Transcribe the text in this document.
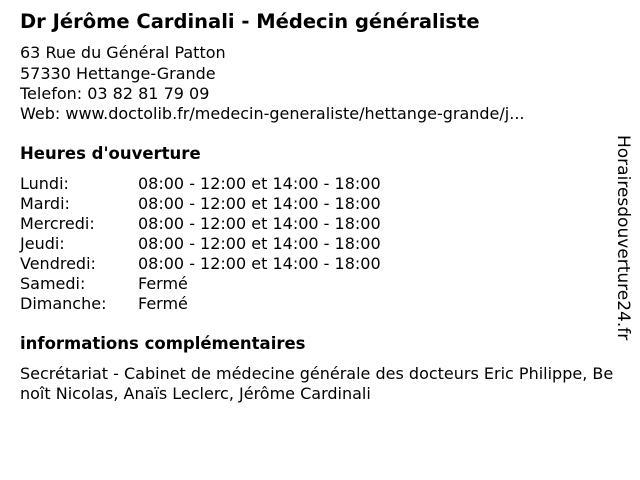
Dr Jérôme Cardinali - Médecin généraliste
63 Rue du Général Patton
57330 Hettange-Grande
Telefon: 03 82 81 79 09
Web: www.doctolib.fr/medecin-generaliste/hettange-grande/j...
Heures d'ouverture
Lundi:	08:00 - 12:00 et 14:00 - 18:00
Mardi:	08:00 - 12:00 et 14:00 - 18:00
Mercredi:	08:00 - 12:00 et 14:00 - 18:00
Jeudi:	08:00 - 12:00 et 14:00 - 18:00
Vendredi:	08:00 - 12:00 et 14:00 - 18:00
Samedi:	Fermé
Dimanche: Fermé
informations complémentaires
Secrétariat - Cabinet de médecine générale des docteurs Eric Philippe, Benoît Nicolas, Anaïs Leclerc, Jérôme Cardinali
Horairesdouverture24.fr
